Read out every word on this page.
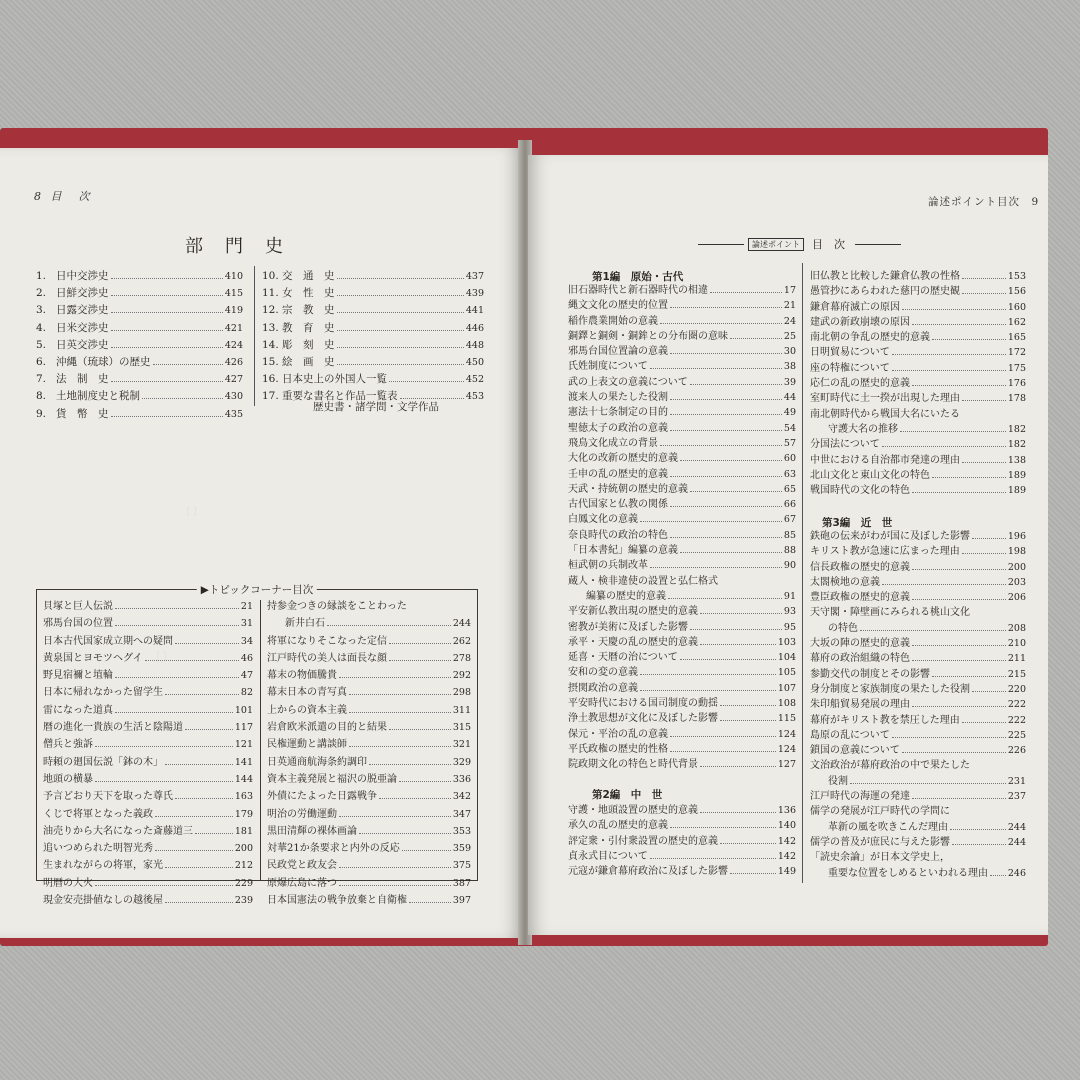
8 目　次
部　門　史
1. 日中交渉史	410
2. 日鮮交渉史	415
3. 日露交渉史	419
4. 日米交渉史	421
5. 日英交渉史	424
6. 沖縄（琉球）の歴史	426
7. 法　制　史	427
8. 土地制度史と税制	430
9. 貨　幣　史	435
10. 交　通　史	437
11. 女　性　史	439
12. 宗　教　史	441
13. 教　育　史	446
14. 彫　刻　史	448
15. 絵　画　史	450
16. 日本史上の外国人一覧	452
17. 重要な書名と作品一覧表	453
歴史書・諸学問・文学作品
〔 〕
〔 〕
▶トピックコーナー目次
貝塚と巨人伝説	21
邪馬台国の位置	31
日本古代国家成立期への疑問	34
黄泉国とヨモツヘグイ	46
野見宿禰と埴輪	47
日本に帰れなかった留学生	82
雷になった道真	101
暦の進化一貴族の生活と陰陽道	117
僧兵と強訴	121
時頼の廻国伝説「鉢の木」	141
地頭の横暴	144
予言どおり天下を取った尊氏	163
くじで将軍となった義政	179
油売りから大名になった斎藤道三	181
追いつめられた明智光秀	200
生まれながらの将軍，家光	212
明暦の大火	229
現金安売掛値なしの越後屋	239
持参金つきの縁談をことわった
新井白石	244
将軍になりそこなった定信	262
江戸時代の美人は面長な顔	278
幕末の物価騰貴	292
幕末日本の青写真	298
上からの資本主義	311
岩倉欧米派遣の目的と結果	315
民権運動と講談師	321
日英通商航海条約調印	329
資本主義発展と福沢の脱亜論	336
外債にたよった日露戦争	342
明治の労働運動	347
黒田清輝の裸体画論	353
対華21か条要求と内外の反応	359
民政党と政友会	375
原爆広島に落つ	387
日本国憲法の戦争放棄と自衛権	397
論述ポイント目次　9
論述ポイント	目　次
第1編　原始・古代
旧石器時代と新石器時代の相違	17
縄文文化の歴史的位置	21
稲作農業開始の意義	24
銅鐸と銅剣・銅鉾との分布圏の意味	25
邪馬台国位置論の意義	30
氏姓制度について	38
武の上表文の意義について	39
渡来人の果たした役割	44
憲法十七条制定の目的	49
聖徳太子の政治の意義	54
飛鳥文化成立の背景	57
大化の改新の歴史的意義	60
壬申の乱の歴史的意義	63
天武・持統朝の歴史的意義	65
古代国家と仏教の関係	66
白鳳文化の意義	67
奈良時代の政治の特色	85
「日本書紀」編纂の意義	88
桓武朝の兵制改革	90
蔵人・検非違使の設置と弘仁格式
編纂の歴史的意義	91
平安新仏教出現の歴史的意義	93
密教が美術に及ぼした影響	95
承平・天慶の乱の歴史的意義	103
延喜・天暦の治について	104
安和の変の意義	105
摂関政治の意義	107
平安時代における国司制度の動揺	108
浄土教思想が文化に及ぼした影響	115
保元・平治の乱の意義	124
平氏政権の歴史的性格	124
院政期文化の特色と時代背景	127
第2編　中　世
守護・地頭設置の歴史的意義	136
承久の乱の歴史的意義	140
評定衆・引付衆設置の歴史的意義	142
貞永式目について	142
元寇が鎌倉幕府政治に及ぼした影響	149
旧仏教と比較した鎌倉仏教の性格	153
愚管抄にあらわれた慈円の歴史観	156
鎌倉幕府滅亡の原因	160
建武の新政崩壊の原因	162
南北朝の争乱の歴史的意義	165
日明貿易について	172
座の特権について	175
応仁の乱の歴史的意義	176
室町時代に土一揆が出現した理由	178
南北朝時代から戦国大名にいたる
守護大名の推移	182
分国法について	182
中世における自治都市発達の理由	138
北山文化と東山文化の特色	189
戦国時代の文化の特色	189
第3編　近　世
鉄砲の伝来がわが国に及ぼした影響	196
キリスト教が急速に広まった理由	198
信長政権の歴史的意義	200
太閤検地の意義	203
豊臣政権の歴史的意義	206
天守閣・障壁画にみられる桃山文化
の特色	208
大坂の陣の歴史的意義	210
幕府の政治組織の特色	211
参勤交代の制度とその影響	215
身分制度と家族制度の果たした役割	220
朱印船貿易発展の理由	222
幕府がキリスト教を禁圧した理由	222
島原の乱について	225
鎖国の意義について	226
文治政治が幕府政治の中で果たした
役割	231
江戸時代の海運の発達	237
儒学の発展が江戸時代の学問に
革新の風を吹きこんだ理由	244
儒学の普及が庶民に与えた影響	244
「読史余論」が日本文学史上，
重要な位置をしめるといわれる理由 246
